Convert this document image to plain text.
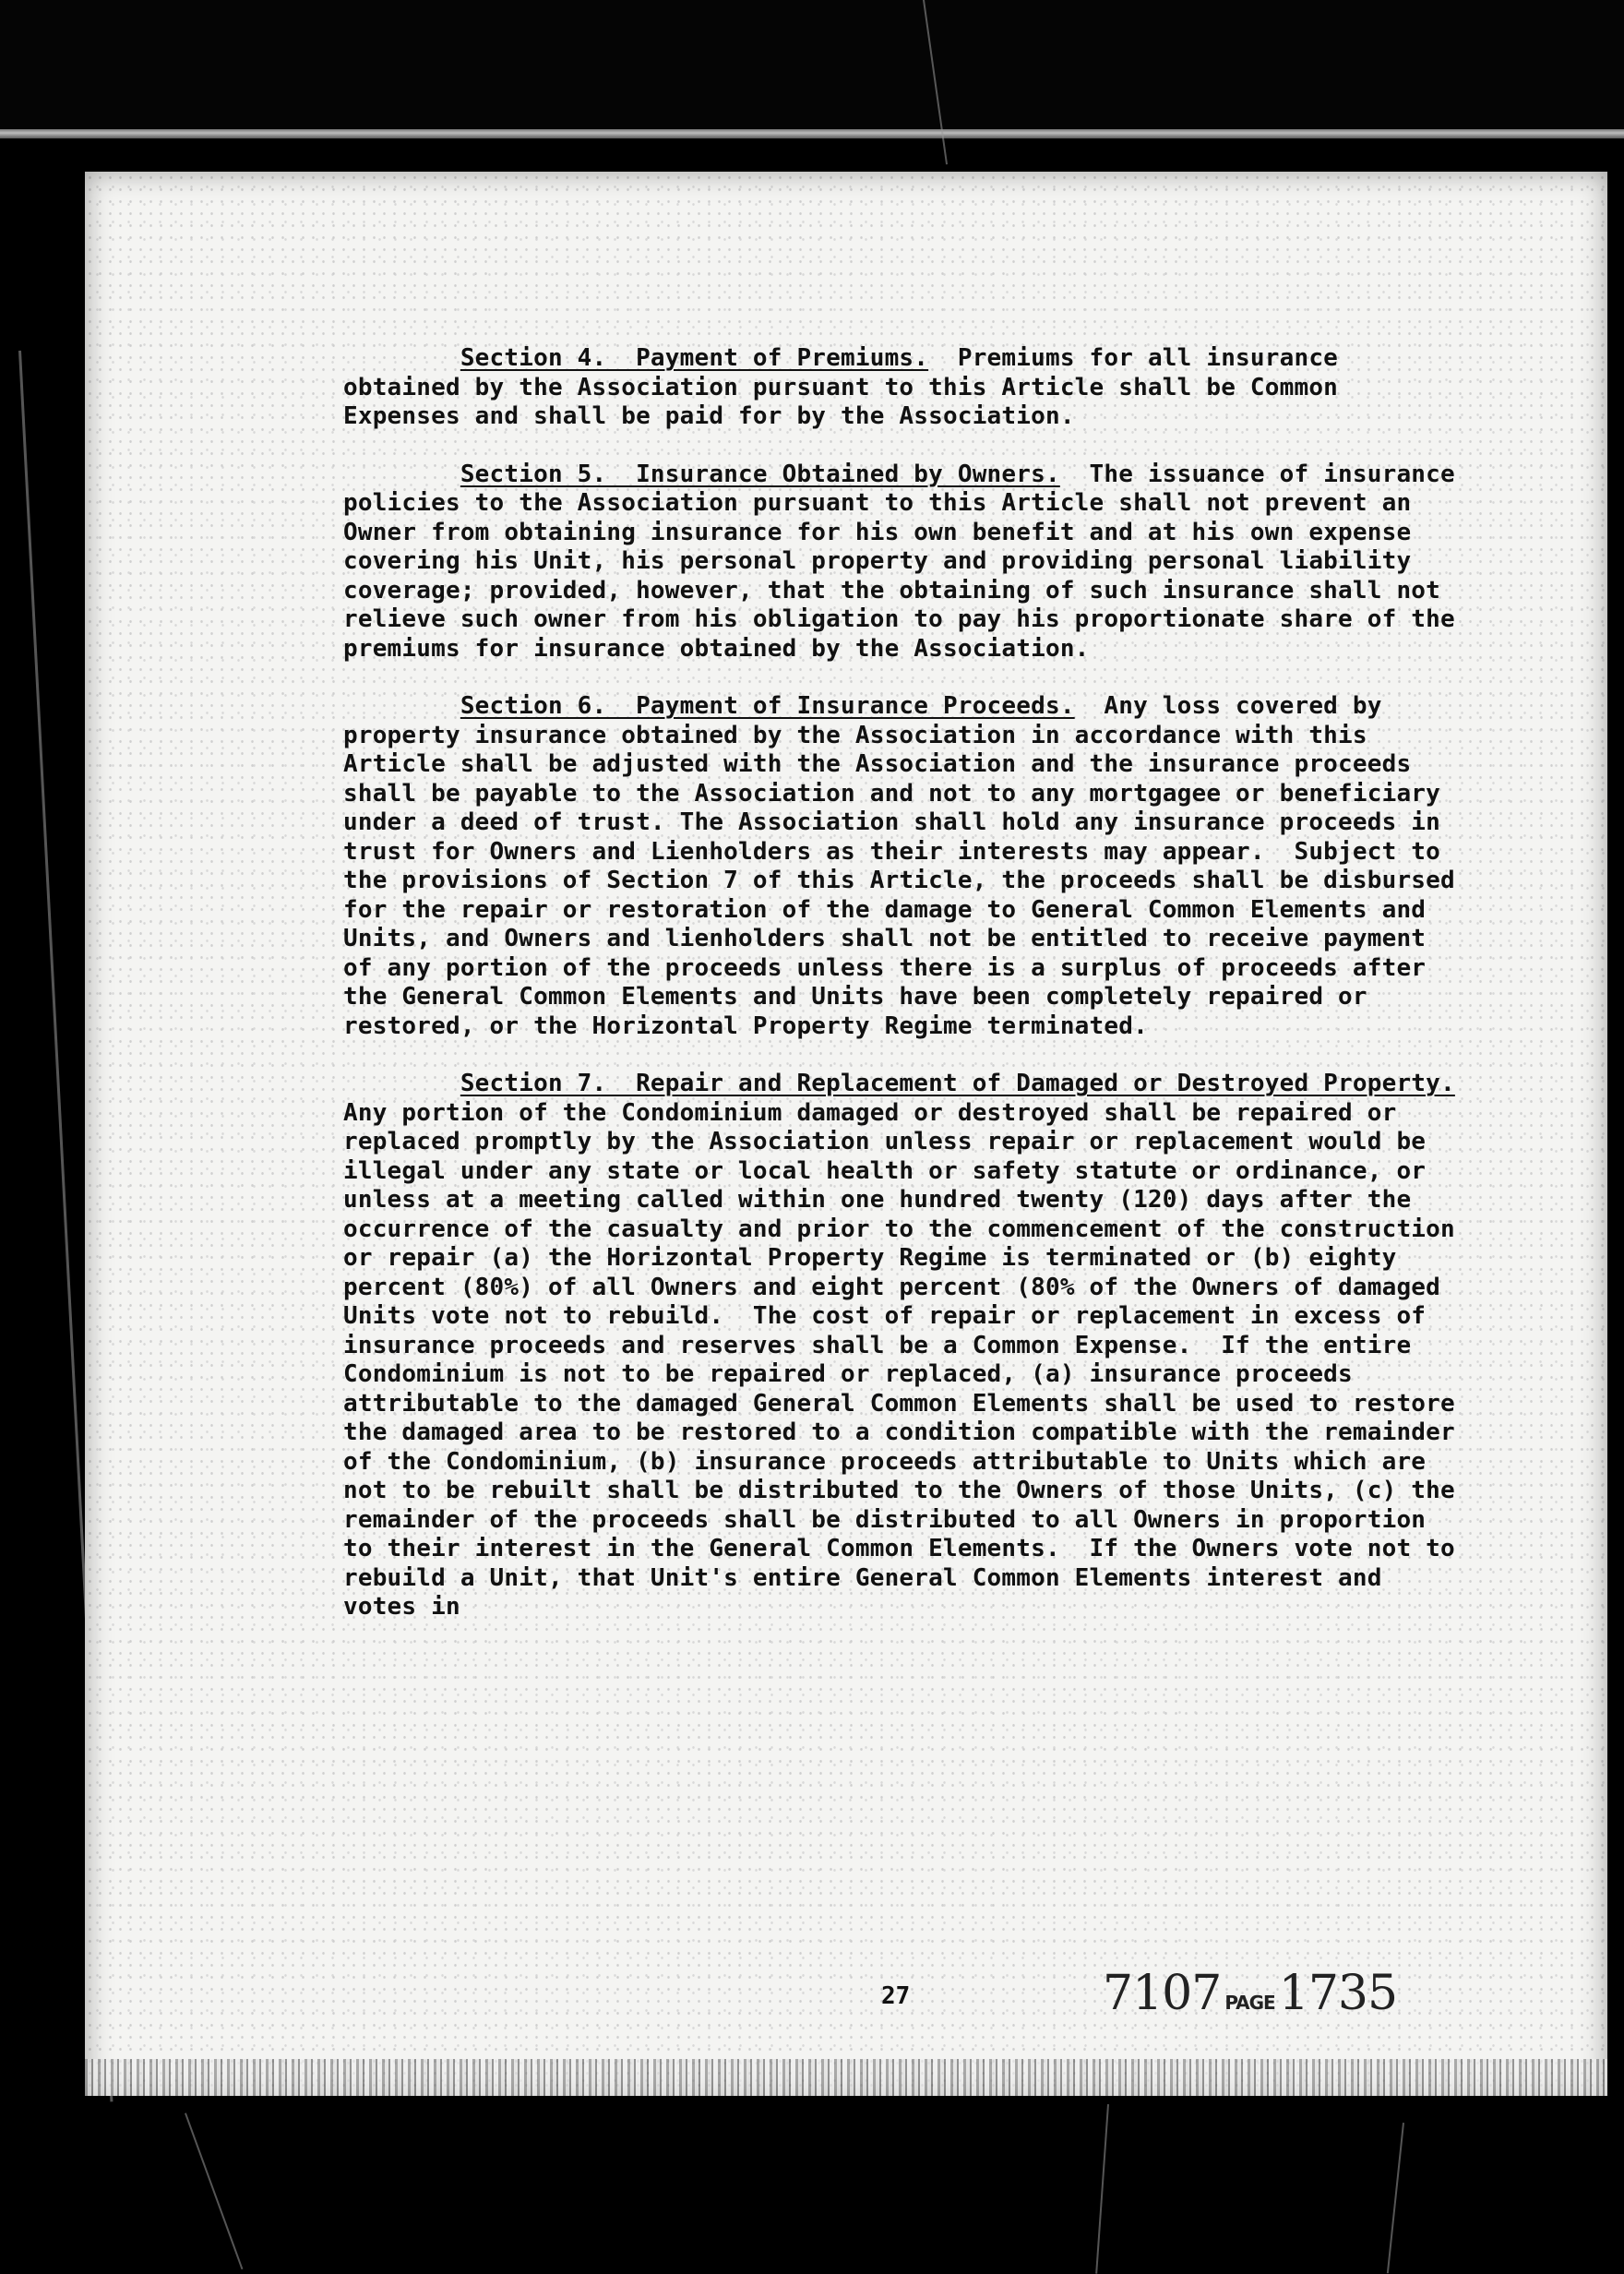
Section 4.  Payment of Premiums.  Premiums for all insurance obtained by the Association pursuant to this Article shall be Common Expenses and shall be paid for by the Association.

Section 5.  Insurance Obtained by Owners.  The issuance of insurance policies to the Association pursuant to this Article shall not prevent an Owner from obtaining insurance for his own benefit and at his own expense covering his Unit, his personal property and providing personal liability coverage; provided, however, that the obtaining of such insurance shall not relieve such owner from his obligation to pay his proportionate share of the premiums for insurance obtained by the Association.

Section 6.  Payment of Insurance Proceeds.  Any loss covered by property insurance obtained by the Association in accordance with this Article shall be adjusted with the Association and the insurance proceeds shall be payable to the Association and not to any mortgagee or beneficiary under a deed of trust. The Association shall hold any insurance proceeds in trust for Owners and Lienholders as their interests may appear.  Subject to the provisions of Section 7 of this Article, the proceeds shall be disbursed for the repair or restoration of the damage to General Common Elements and Units, and Owners and lienholders shall not be entitled to receive payment of any portion of the proceeds unless there is a surplus of proceeds after the General Common Elements and Units have been completely repaired or restored, or the Horizontal Property Regime terminated.

Section 7.  Repair and Replacement of Damaged or Destroyed Property.  Any portion of the Condominium damaged or destroyed shall be repaired or replaced promptly by the Association unless repair or replacement would be illegal under any state or local health or safety statute or ordinance, or unless at a meeting called within one hundred twenty (120) days after the occurrence of the casualty and prior to the commencement of the construction or repair (a) the Horizontal Property Regime is terminated or (b) eighty percent (80%) of all Owners and eight percent (80% of the Owners of damaged Units vote not to rebuild.  The cost of repair or replacement in excess of insurance proceeds and reserves shall be a Common Expense.  If the entire Condominium is not to be repaired or replaced, (a) insurance proceeds attributable to the damaged General Common Elements shall be used to restore the damaged area to be restored to a condition compatible with the remainder of the Condominium, (b) insurance proceeds attributable to Units which are not to be rebuilt shall be distributed to the Owners of those Units, (c) the remainder of the proceeds shall be distributed to all Owners in proportion to their interest in the General Common Elements.  If the Owners vote not to rebuild a Unit, that Unit's entire General Common Elements interest and votes in

27	7107 PAGE 1735
